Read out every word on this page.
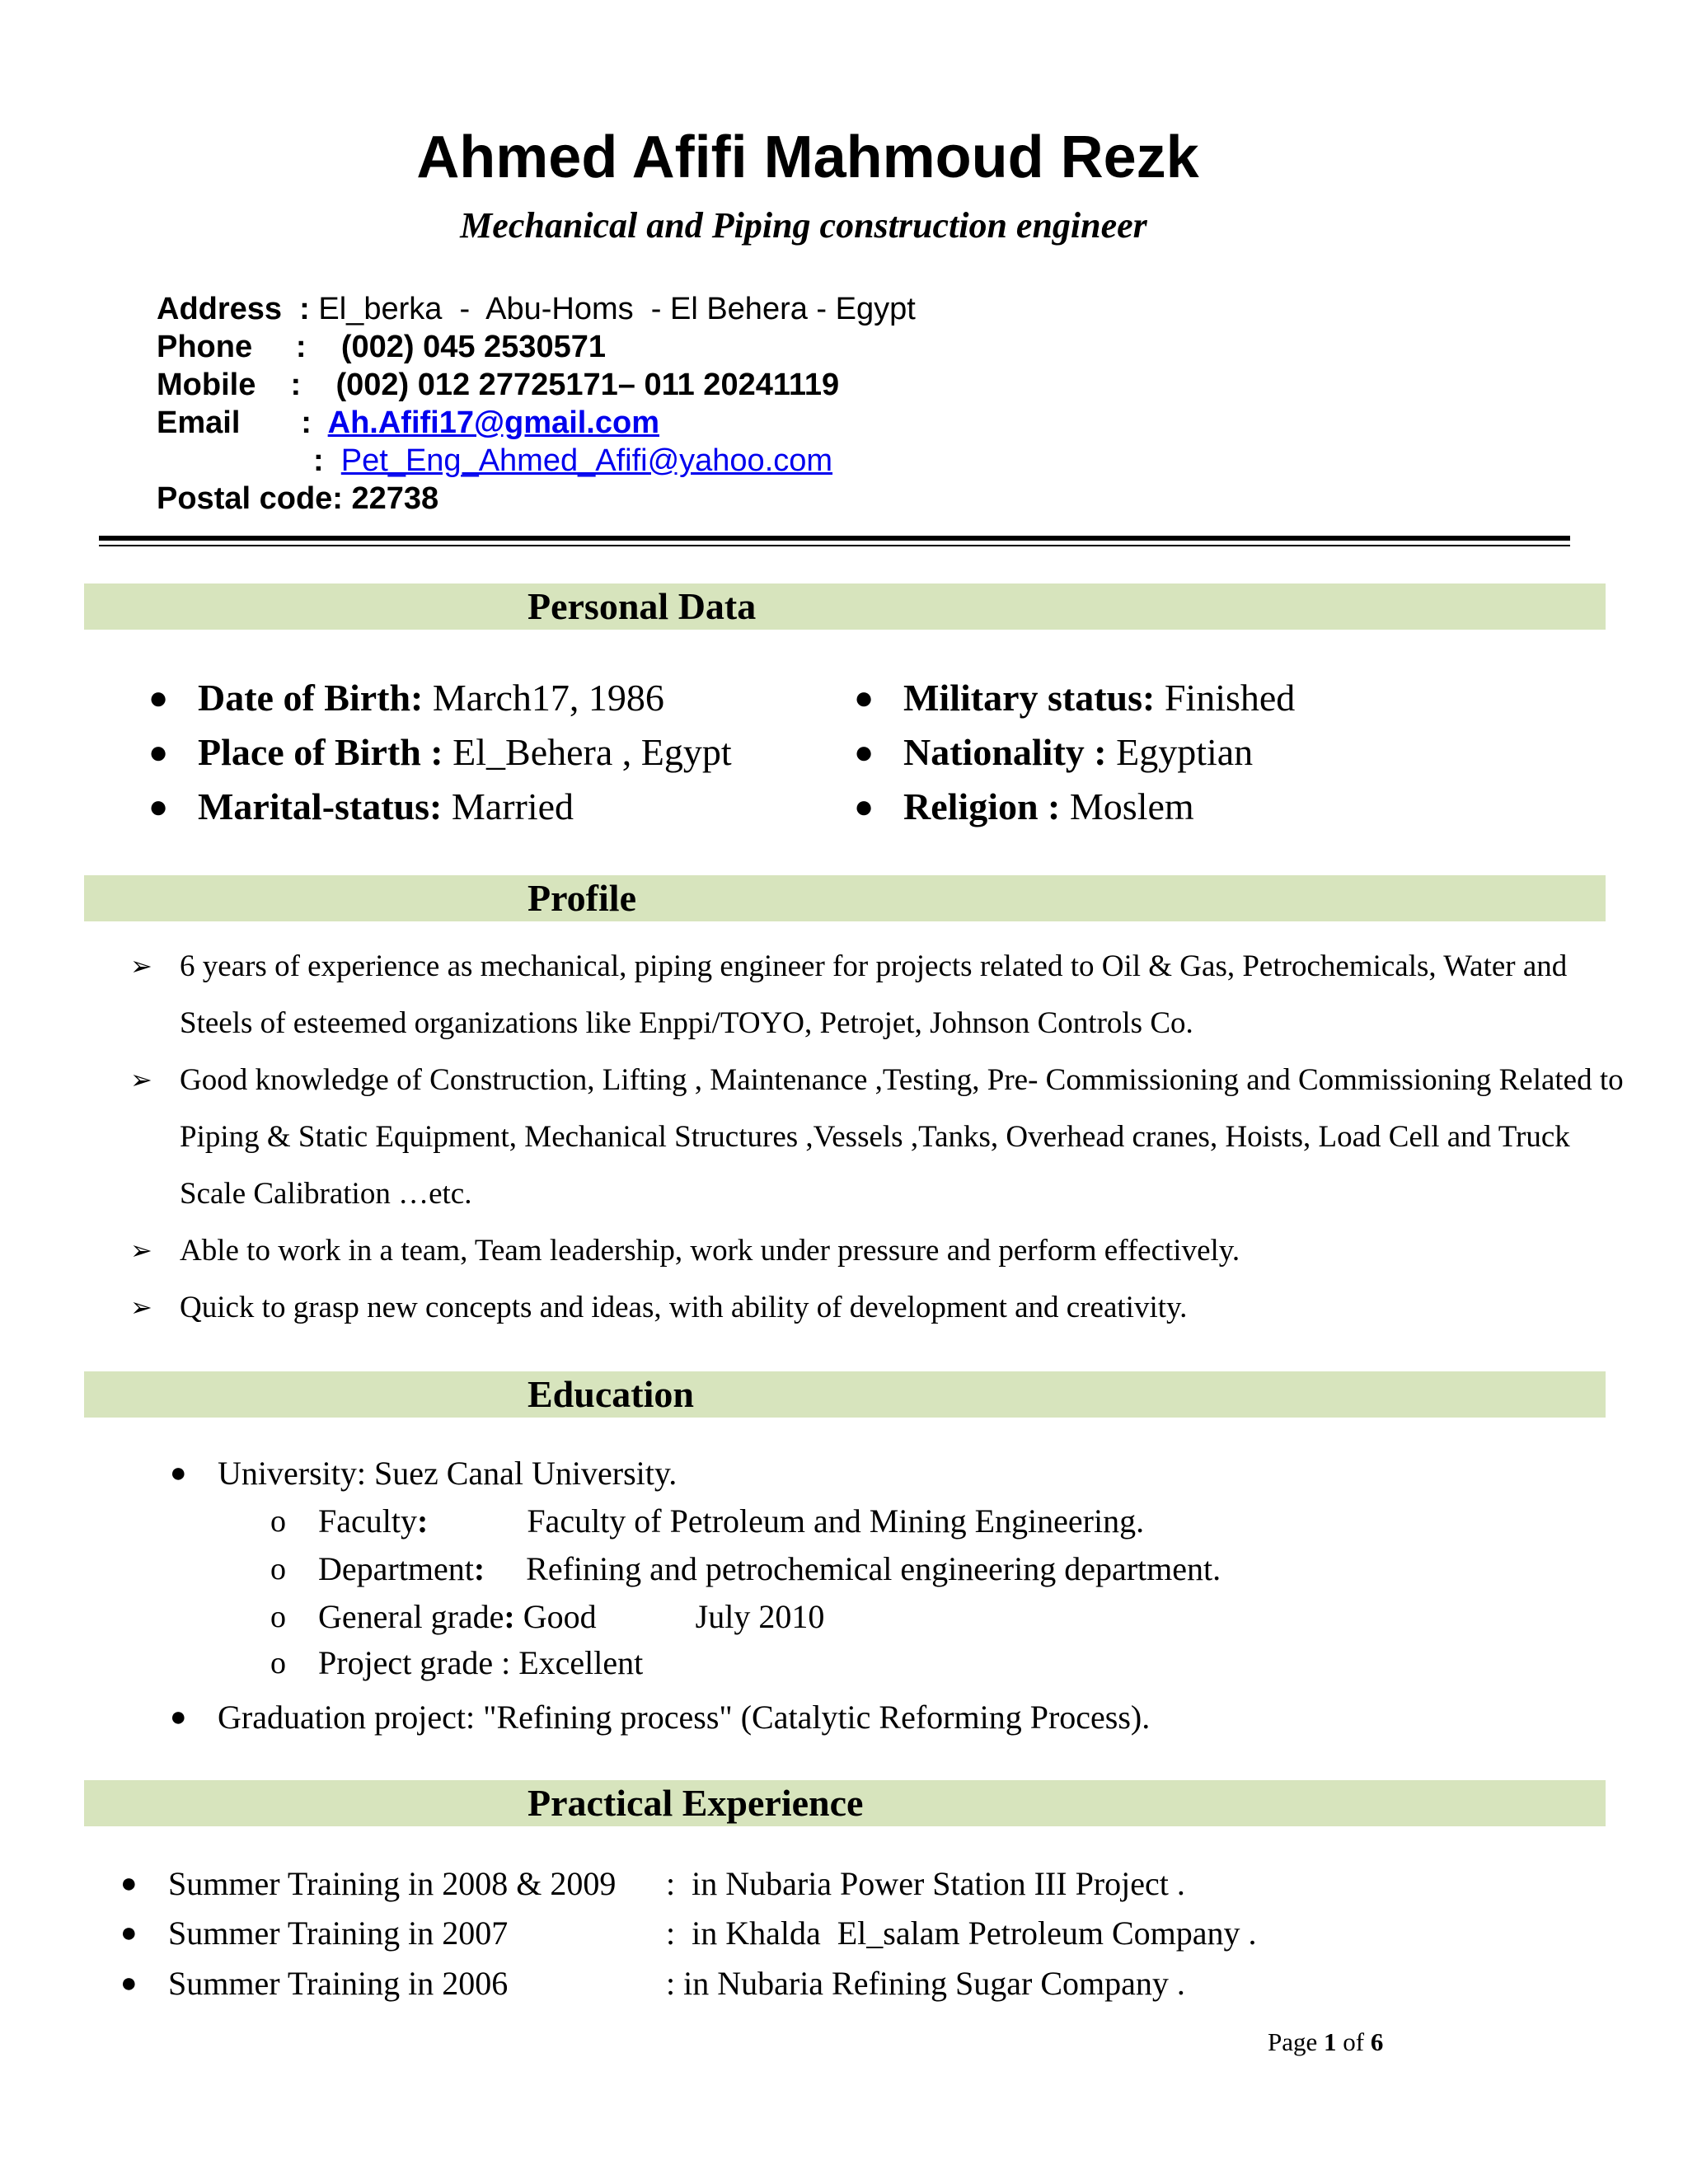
Ahmed Afifi Mahmoud Rezk
Mechanical and Piping construction engineer
Address  : El_berka  -  Abu-Homs  - El Behera - Egypt
Phone     :    (002) 045 2530571
Mobile    :    (002) 012 27725171– 011 20241119
Email       :  Ah.Afifi17@gmail.com
:  Pet_Eng_Ahmed_Afifi@yahoo.com
Postal code: 22738
Personal Data
● Date of Birth: March17, 1986
● Place of Birth : El_Behera , Egypt
● Marital-status: Married
● Military status: Finished
● Nationality : Egyptian
● Religion : Moslem
Profile
➢ 6 years of experience as mechanical, piping engineer for projects related to Oil & Gas, Petrochemicals, Water and Steels of esteemed organizations like Enppi/TOYO, Petrojet, Johnson Controls Co.
➢ Good knowledge of Construction, Lifting , Maintenance ,Testing, Pre- Commissioning and Commissioning Related to Piping & Static Equipment, Mechanical Structures ,Vessels ,Tanks, Overhead cranes, Hoists, Load Cell and Truck Scale Calibration …etc.
➢ Able to work in a team, Team leadership, work under pressure and perform effectively.
➢ Quick to grasp new concepts and ideas, with ability of development and creativity.
Education
● University: Suez Canal University.
o Faculty:	Faculty of Petroleum and Mining Engineering.
o Department: Refining and petrochemical engineering department.
o General grade: Good	July 2010
o Project grade : Excellent
● Graduation project: "Refining process" (Catalytic Reforming Process).
Practical Experience
● Summer Training in 2008 & 2009 :  in Nubaria Power Station III Project .
● Summer Training in 2007	:  in Khalda  El_salam Petroleum Company .
● Summer Training in 2006	: in Nubaria Refining Sugar Company .
Page 1 of 6
